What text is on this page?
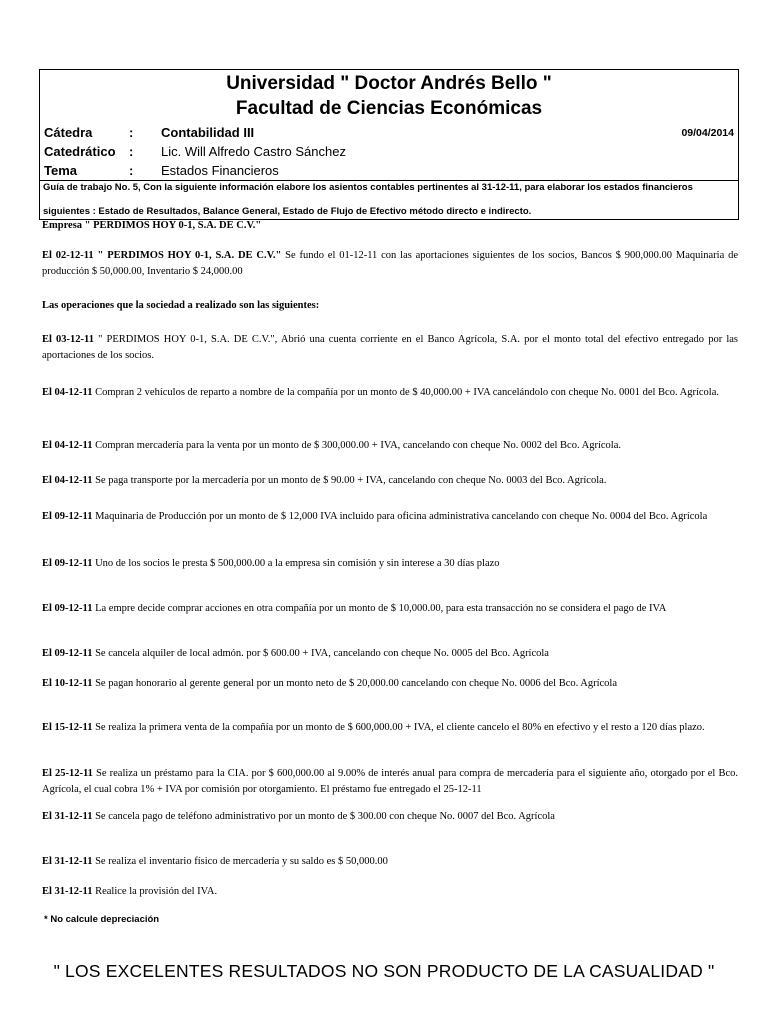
Universidad " Doctor Andrés Bello "
Facultad de Ciencias Económicas
Cátedra	: Contabilidad III	09/04/2014
Catedrático : Lic. Will Alfredo Castro Sánchez
Tema	: Estados Financieros
Guía de trabajo No. 5, Con la siguiente información elabore los asientos contables pertinentes al 31-12-11, para elaborar los estados financieros
siguientes : Estado de Resultados, Balance General, Estado de Flujo de Efectivo método directo e indirecto.
Empresa " PERDIMOS HOY 0-1, S.A. DE C.V."

El 02-12-11 " PERDIMOS HOY 0-1, S.A. DE C.V." Se fundo el 01-12-11 con las aportaciones siguientes de los socios, Bancos $ 900,000.00 Maquinaria de producción $ 50,000.00, Inventario $ 24,000.00

Las operaciones que la sociedad a realizado son las siguientes:

El 03-12-11 " PERDIMOS HOY 0-1, S.A. DE C.V.", Abrió una cuenta corriente en el Banco Agrícola, S.A. por el monto total del efectivo entregado por las aportaciones de los socios.

El 04-12-11 Compran 2 vehículos de reparto a nombre de la compañía por un monto de $ 40,000.00 + IVA cancelándolo con cheque No. 0001 del Bco. Agrícola.

El 04-12-11 Compran mercadería para la venta por un monto de $ 300,000.00 + IVA, cancelando con cheque No. 0002 del Bco. Agrícola.

El 04-12-11 Se paga transporte por la mercadería por un monto de $ 90.00 + IVA, cancelando con cheque No. 0003 del Bco. Agrícola.

El 09-12-11 Maquinaria de Producción por un monto de $ 12,000 IVA incluido para oficina administrativa cancelando con cheque No. 0004 del Bco. Agrícola

El 09-12-11 Uno de los socios le presta $ 500,000.00 a la empresa sin comisión y sin interese a 30 días plazo

El 09-12-11 La empre decide comprar acciones en otra compañía por un monto de $ 10,000.00, para esta transacción no se considera el pago de IVA

El 09-12-11 Se cancela alquiler de local admón. por $ 600.00 + IVA, cancelando con cheque No. 0005 del Bco. Agrícola

El 10-12-11 Se pagan honorario al gerente general por un monto neto de $ 20,000.00 cancelando con cheque No. 0006 del Bco. Agrícola

El 15-12-11 Se realiza la primera venta de la compañía por un monto de $ 600,000.00 + IVA, el cliente cancelo el 80% en efectivo y el resto a 120 días plazo.

El 25-12-11 Se realiza un préstamo para la CIA. por $ 600,000.00 al 9.00% de interés anual para compra de mercadería para el siguiente año, otorgado por el Bco. Agrícola, el cual cobra 1% + IVA por comisión por otorgamiento. El préstamo fue entregado el 25-12-11

El 31-12-11 Se cancela pago de teléfono administrativo por un monto de $ 300.00 con cheque No. 0007 del Bco. Agrícola

El 31-12-11 Se realiza el inventario físico de mercadería y su saldo es $ 50,000.00

El 31-12-11 Realice la provisión del IVA.

* No calcule depreciación
" LOS EXCELENTES RESULTADOS NO SON PRODUCTO DE LA CASUALIDAD "
